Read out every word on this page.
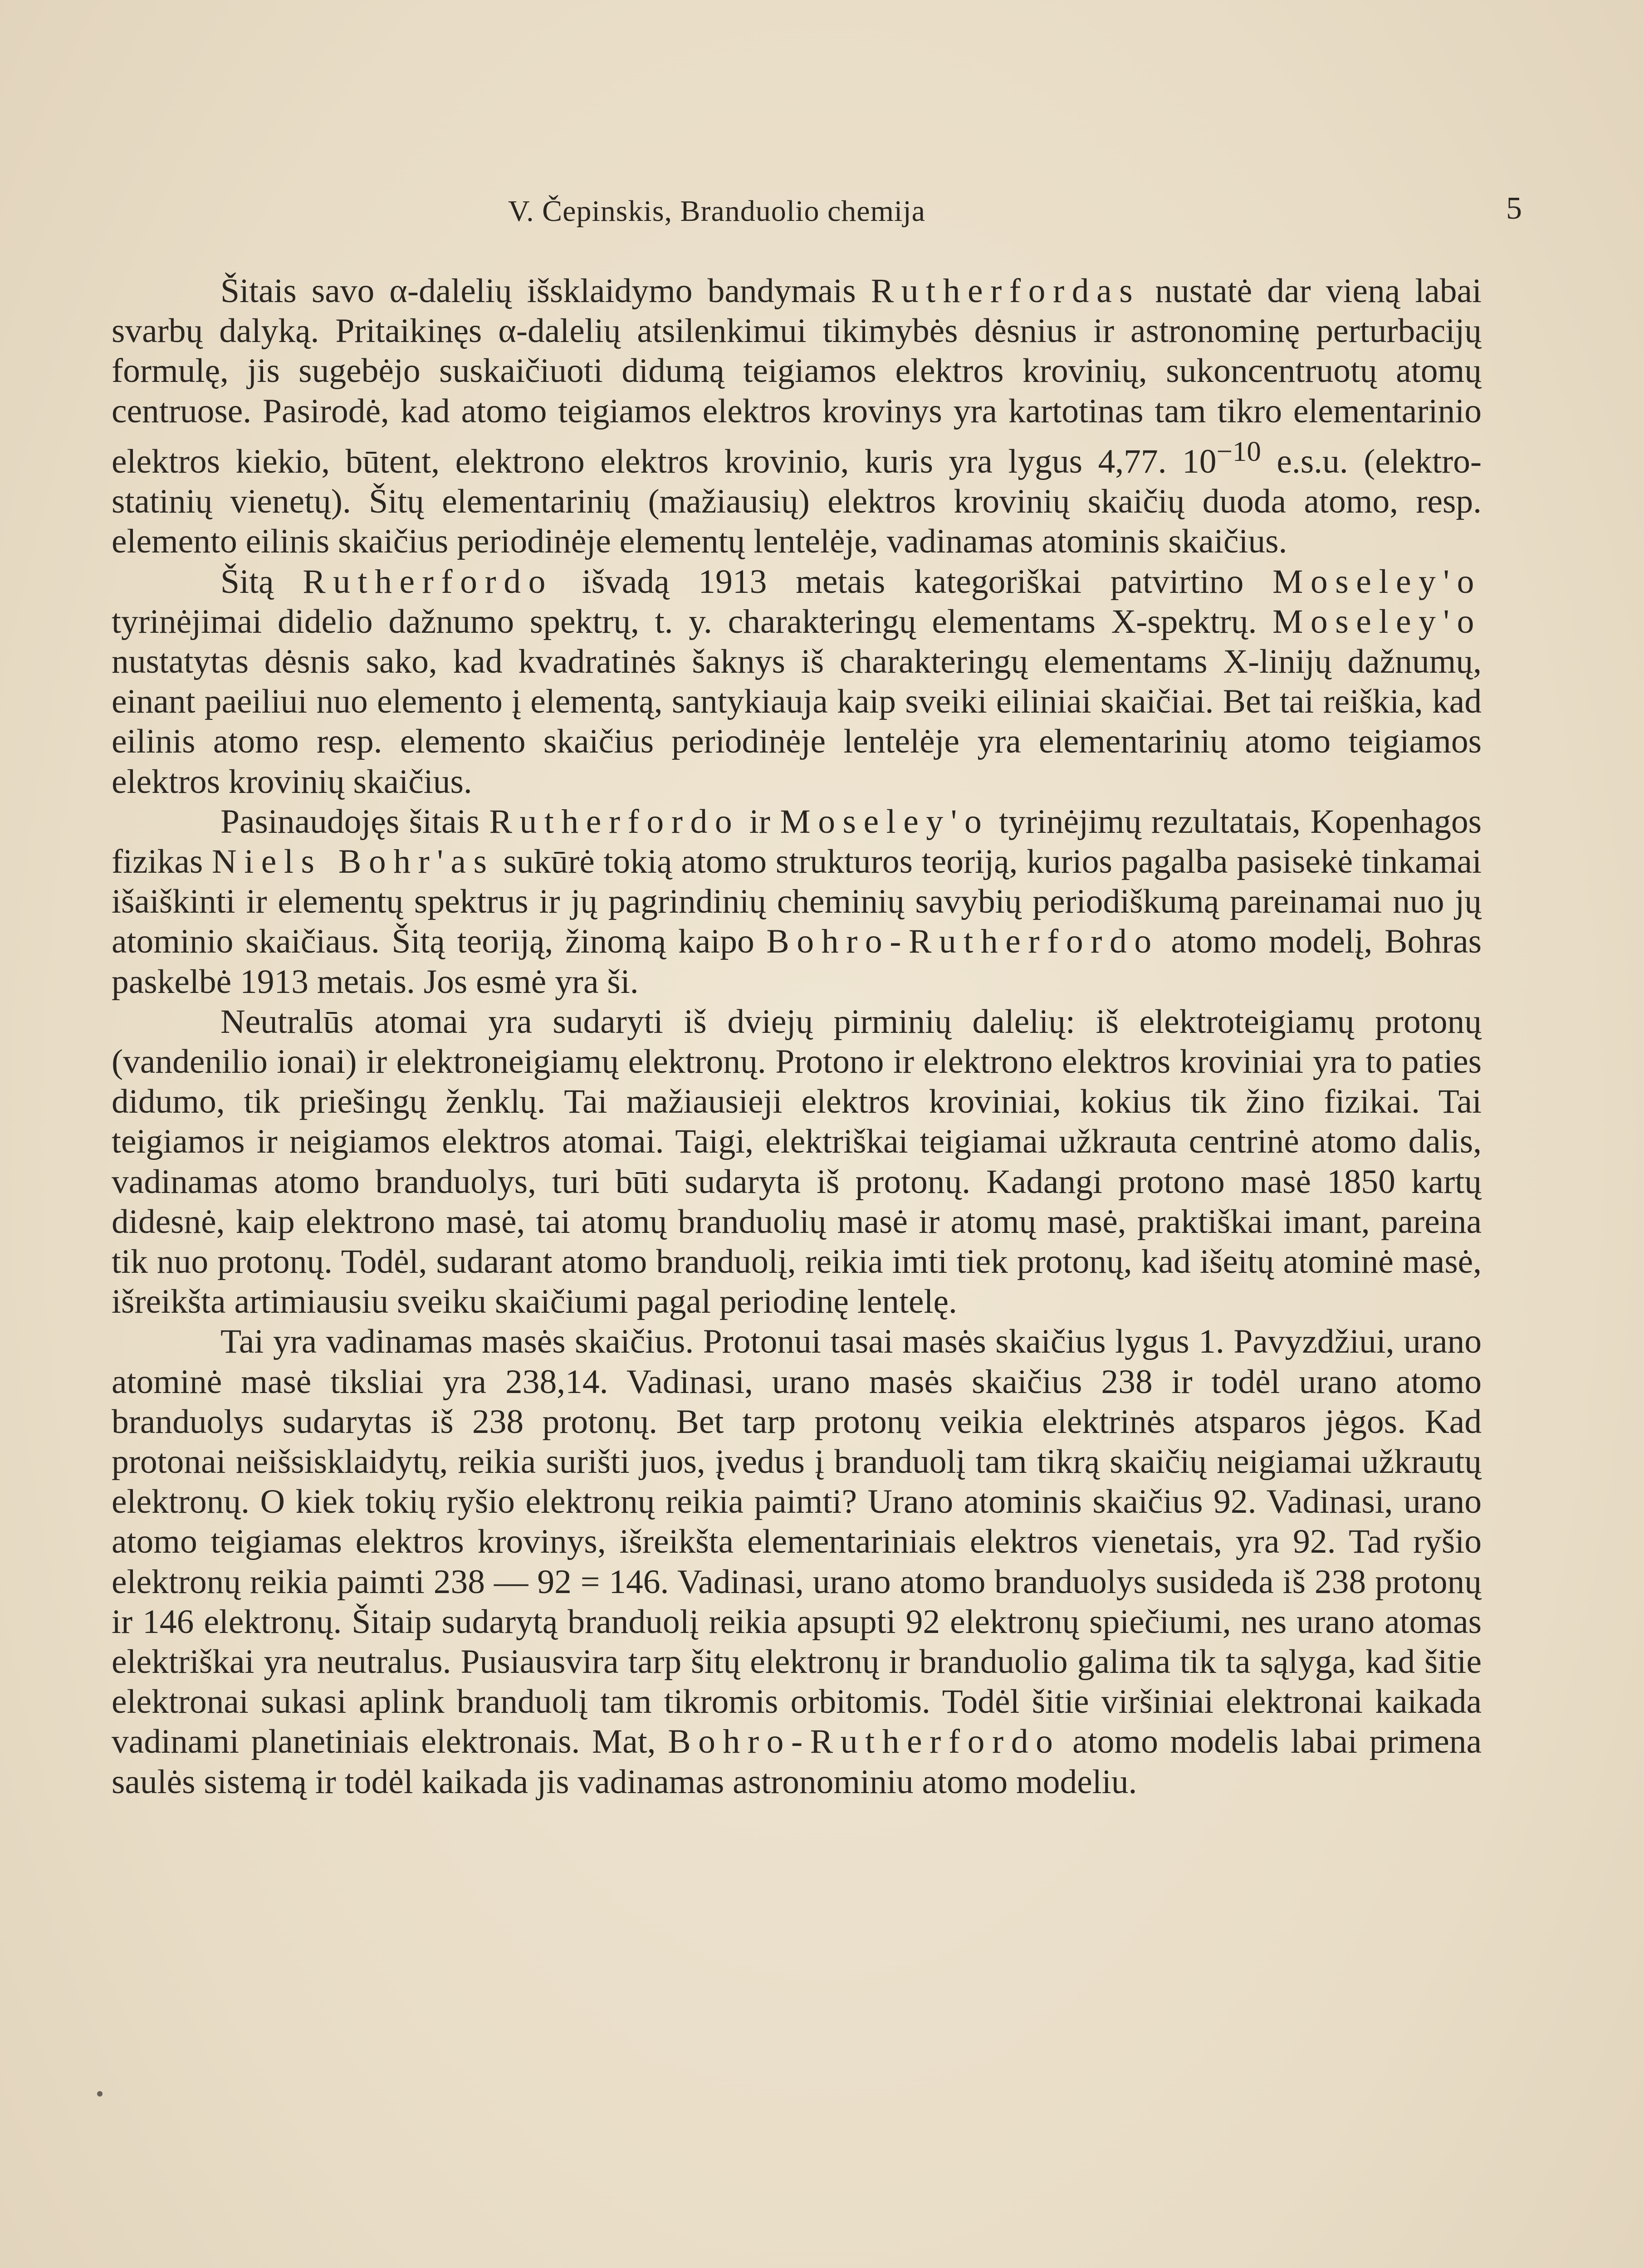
V. Čepinskis, Branduolio chemija	5

Šitais savo α-dalelių išsklaidymo bandymais Rutherfordas nustatė dar vieną labai svarbų dalyką. Pritaikinęs α-dalelių atsilenkimui tikimybės dėsnius ir astronominę perturbacijų formulę, jis sugebėjo suskaičiuoti didumą teigiamos elektros krovinių, sukoncentruotų atomų centruose. Pasirodė, kad atomo teigiamos elektros krovinys yra kartotinas tam tikro elementarinio elektros kiekio, būtent, elektrono elektros krovinio, kuris yra lygus 4,77. $10^{-10}$ e.s.u. (elektro-statinių vienetų). Šitų elementarinių (mažiausių) elektros krovinių skaičių duoda atomo, resp. elemento eilinis skaičius periodinėje elementų lentelėje, vadinamas atominis skaičius.

Šitą Rutherfordo išvadą 1913 metais kategoriškai patvirtino Moseley'o tyrinėjimai didelio dažnumo spektrų, t. y. charakteringų elementams X-spektrų. Moseley'o nustatytas dėsnis sako, kad kvadratinės šaknys iš charakteringų elementams X-linijų dažnumų, einant paeiliui nuo elemento į elementą, santykiauja kaip sveiki eiliniai skaičiai. Bet tai reiškia, kad eilinis atomo resp. elemento skaičius periodinėje lentelėje yra elementarinių atomo teigiamos elektros krovinių skaičius.

Pasinaudojęs šitais Rutherfordo ir Moseley'o tyrinėjimų rezultatais, Kopenhagos fizikas Niels Bohr'as sukūrė tokią atomo strukturos teoriją, kurios pagalba pasisekė tinkamai išaiškinti ir elementų spektrus ir jų pagrindinių cheminių savybių periodiškumą pareinamai nuo jų atominio skaičiaus. Šitą teoriją, žinomą kaipo Bohro-Rutherfordo atomo modelį, Bohras paskelbė 1913 metais. Jos esmė yra ši.

Neutralūs atomai yra sudaryti iš dviejų pirminių dalelių: iš elektroteigiamų protonų (vandenilio ionai) ir elektroneigiamų elektronų. Protono ir elektrono elektros kroviniai yra to paties didumo, tik priešingų ženklų. Tai mažiausieji elektros kroviniai, kokius tik žino fizikai. Tai teigiamos ir neigiamos elektros atomai. Taigi, elektriškai teigiamai užkrauta centrinė atomo dalis, vadinamas atomo branduolys, turi būti sudaryta iš protonų. Kadangi protono masė 1850 kartų didesnė, kaip elektrono masė, tai atomų branduolių masė ir atomų masė, praktiškai imant, pareina tik nuo protonų. Todėl, sudarant atomo branduolį, reikia imti tiek protonų, kad išeitų atominė masė, išreikšta artimiausiu sveiku skaičiumi pagal periodinę lentelę.

Tai yra vadinamas masės skaičius. Protonui tasai masės skaičius lygus 1. Pavyzdžiui, urano atominė masė tiksliai yra 238,14. Vadinasi, urano masės skaičius 238 ir todėl urano atomo branduolys sudarytas iš 238 protonų. Bet tarp protonų veikia elektrinės atsparos jėgos. Kad protonai neišsisklaidytų, reikia surišti juos, įvedus į branduolį tam tikrą skaičių neigiamai užkrautų elektronų. O kiek tokių ryšio elektronų reikia paimti? Urano atominis skaičius 92. Vadinasi, urano atomo teigiamas elektros krovinys, išreikšta elementariniais elektros vienetais, yra 92. Tad ryšio elektronų reikia paimti 238 — 92 = 146. Vadinasi, urano atomo branduolys susideda iš 238 protonų ir 146 elektronų. Šitaip sudarytą branduolį reikia apsupti 92 elektronų spiečiumi, nes urano atomas elektriškai yra neutralus. Pusiausvira tarp šitų elektronų ir branduolio galima tik ta sąlyga, kad šitie elektronai sukasi aplink branduolį tam tikromis orbitomis. Todėl šitie viršiniai elektronai kaikada vadinami planetiniais elektronais. Mat, Bohro-Rutherfordo atomo modelis labai primena saulės sistemą ir todėl kaikada jis vadinamas astronominiu atomo modeliu.
